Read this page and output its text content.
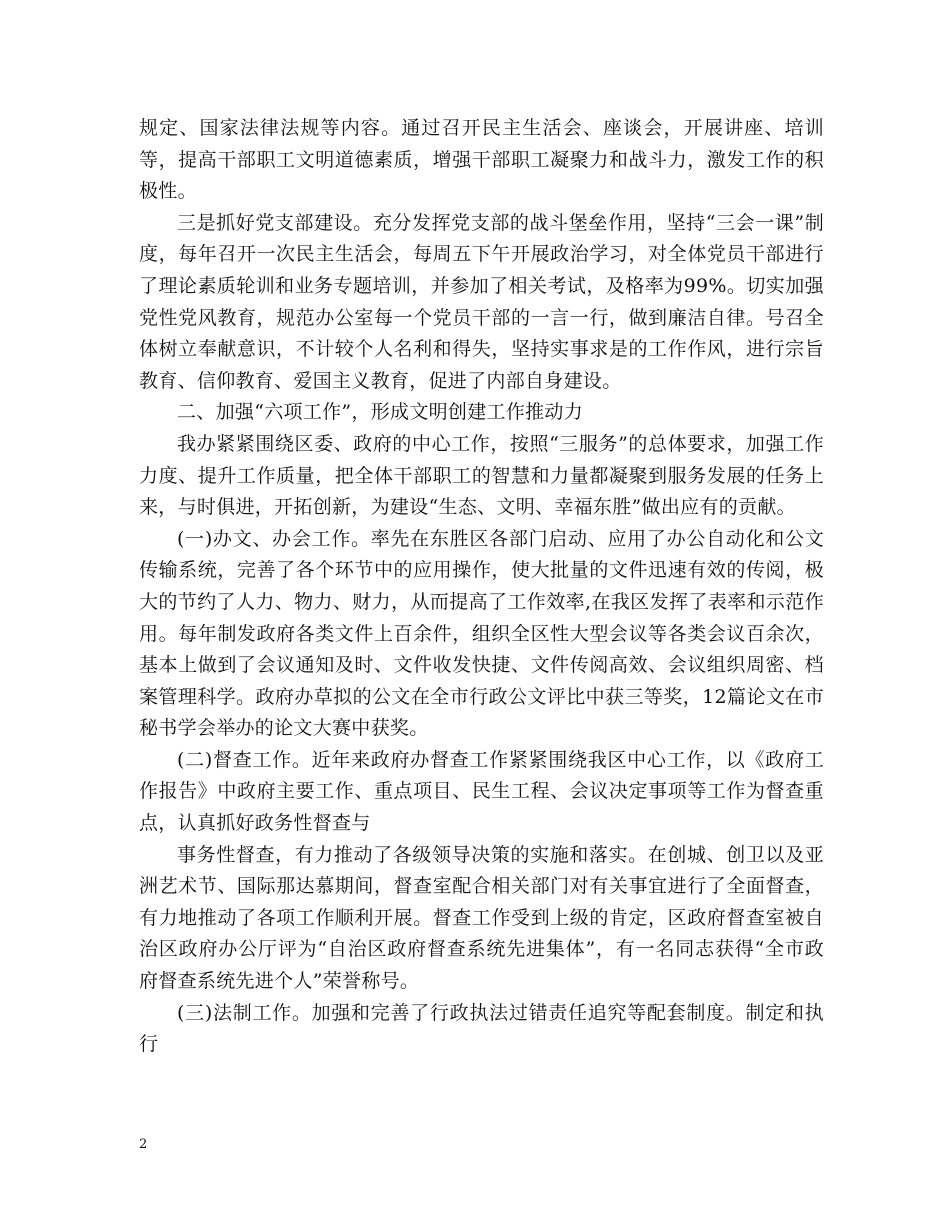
规定、国家法律法规等内容。通过召开民主生活会、座谈会，开展讲座、培训等，提高干部职工文明道德素质，增强干部职工凝聚力和战斗力，激发工作的积极性。

三是抓好党支部建设。充分发挥党支部的战斗堡垒作用，坚持“三会一课”制度，每年召开一次民主生活会，每周五下午开展政治学习，对全体党员干部进行了理论素质轮训和业务专题培训，并参加了相关考试，及格率为99%。切实加强党性党风教育，规范办公室每一个党员干部的一言一行，做到廉洁自律。号召全体树立奉献意识，不计较个人名利和得失，坚持实事求是的工作作风，进行宗旨教育、信仰教育、爱国主义教育，促进了内部自身建设。

二、加强“六项工作”，形成文明创建工作推动力

我办紧紧围绕区委、政府的中心工作，按照“三服务”的总体要求，加强工作力度、提升工作质量，把全体干部职工的智慧和力量都凝聚到服务发展的任务上来，与时俱进，开拓创新，为建设“生态、文明、幸福东胜”做出应有的贡献。

(一)办文、办会工作。率先在东胜区各部门启动、应用了办公自动化和公文传输系统，完善了各个环节中的应用操作，使大批量的文件迅速有效的传阅，极大的节约了人力、物力、财力，从而提高了工作效率,在我区发挥了表率和示范作用。每年制发政府各类文件上百余件，组织全区性大型会议等各类会议百余次，基本上做到了会议通知及时、文件收发快捷、文件传阅高效、会议组织周密、档案管理科学。政府办草拟的公文在全市行政公文评比中获三等奖，12篇论文在市秘书学会举办的论文大赛中获奖。

(二)督查工作。近年来政府办督查工作紧紧围绕我区中心工作，以《政府工作报告》中政府主要工作、重点项目、民生工程、会议决定事项等工作为督查重点，认真抓好政务性督查与

事务性督查，有力推动了各级领导决策的实施和落实。在创城、创卫以及亚洲艺术节、国际那达慕期间，督查室配合相关部门对有关事宜进行了全面督查，有力地推动了各项工作顺利开展。督查工作受到上级的肯定，区政府督查室被自治区政府办公厅评为“自治区政府督查系统先进集体”，有一名同志获得“全市政府督查系统先进个人”荣誉称号。

(三)法制工作。加强和完善了行政执法过错责任追究等配套制度。制定和执行

2
